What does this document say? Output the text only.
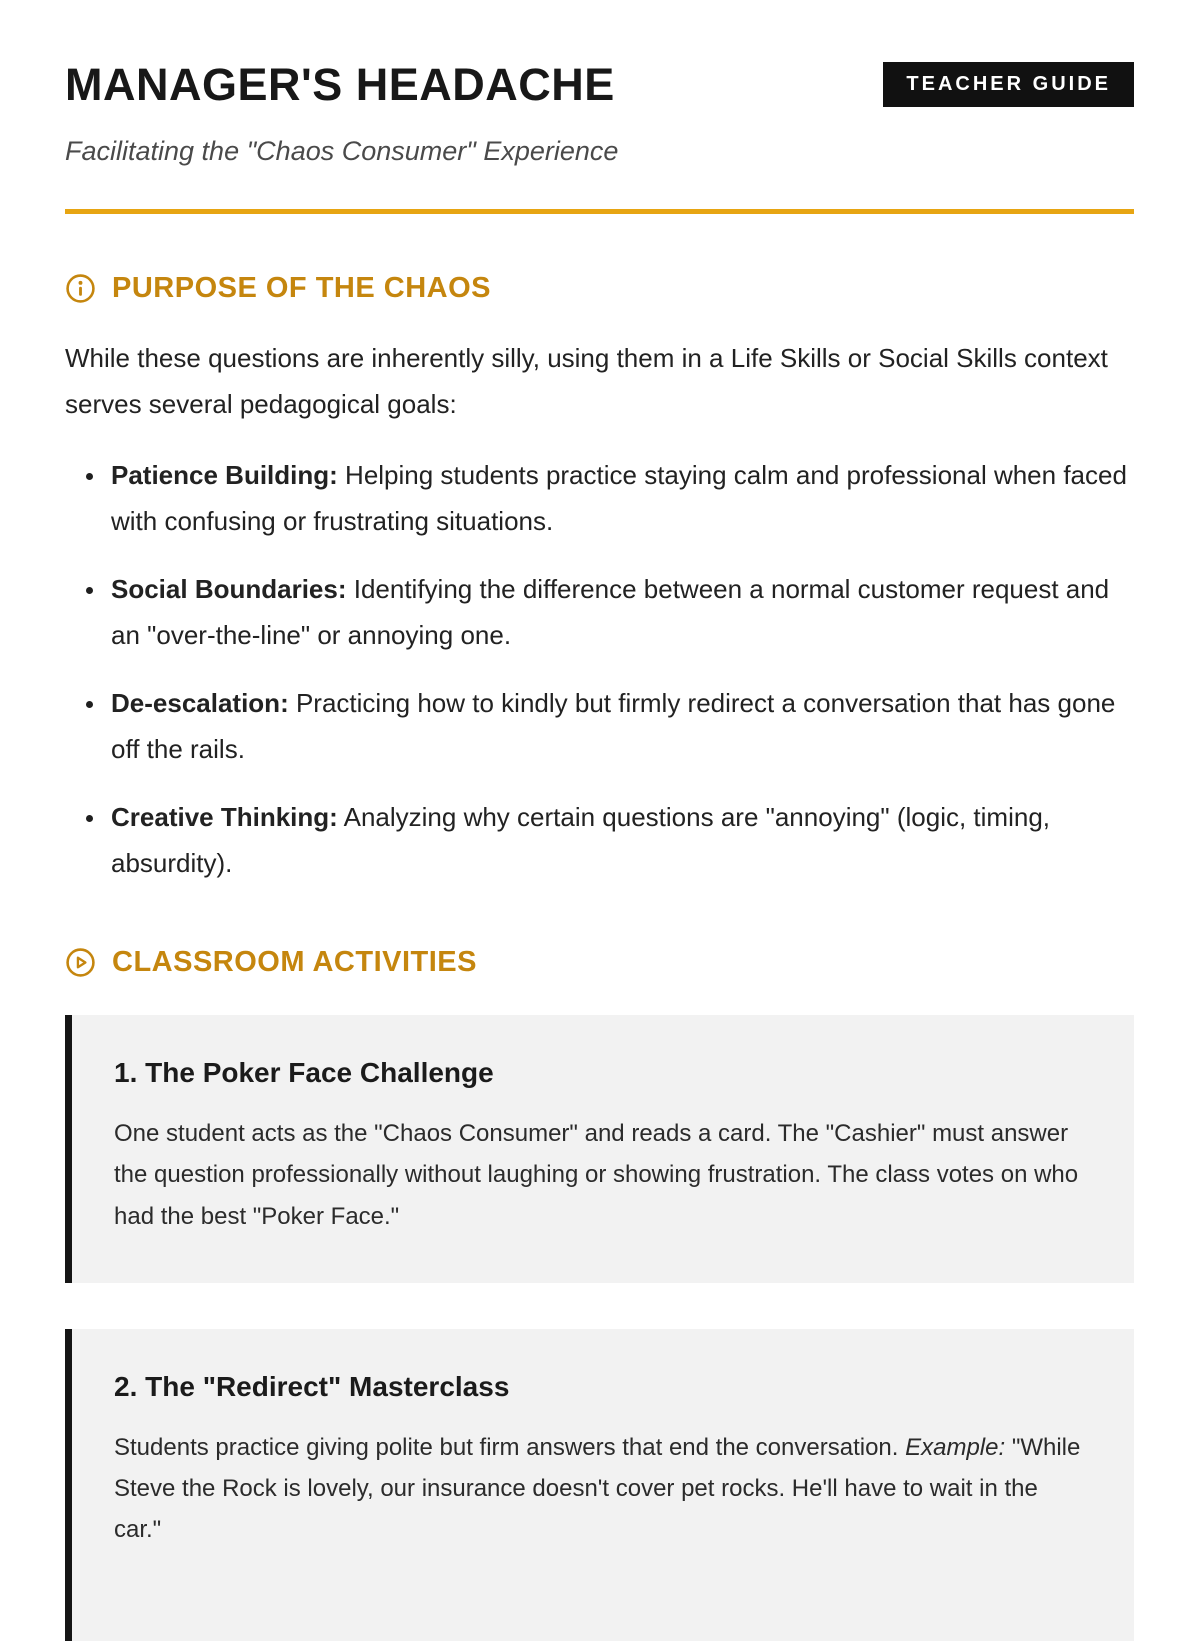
MANAGER'S HEADACHE	TEACHER GUIDE

Facilitating the "Chaos Consumer" Experience

PURPOSE OF THE CHAOS

While these questions are inherently silly, using them in a Life Skills or Social Skills context serves several pedagogical goals:

• Patience Building: Helping students practice staying calm and professional when faced with confusing or frustrating situations.
• Social Boundaries: Identifying the difference between a normal customer request and an "over-the-line" or annoying one.
• De-escalation: Practicing how to kindly but firmly redirect a conversation that has gone off the rails.
• Creative Thinking: Analyzing why certain questions are "annoying" (logic, timing, absurdity).
CLASSROOM ACTIVITIES
1. The Poker Face Challenge

One student acts as the "Chaos Consumer" and reads a card. The "Cashier" must answer the question professionally without laughing or showing frustration. The class votes on who had the best "Poker Face."

2. The "Redirect" Masterclass

Students practice giving polite but firm answers that end the conversation. Example: "While Steve the Rock is lovely, our insurance doesn't cover pet rocks. He'll have to wait in the car."
